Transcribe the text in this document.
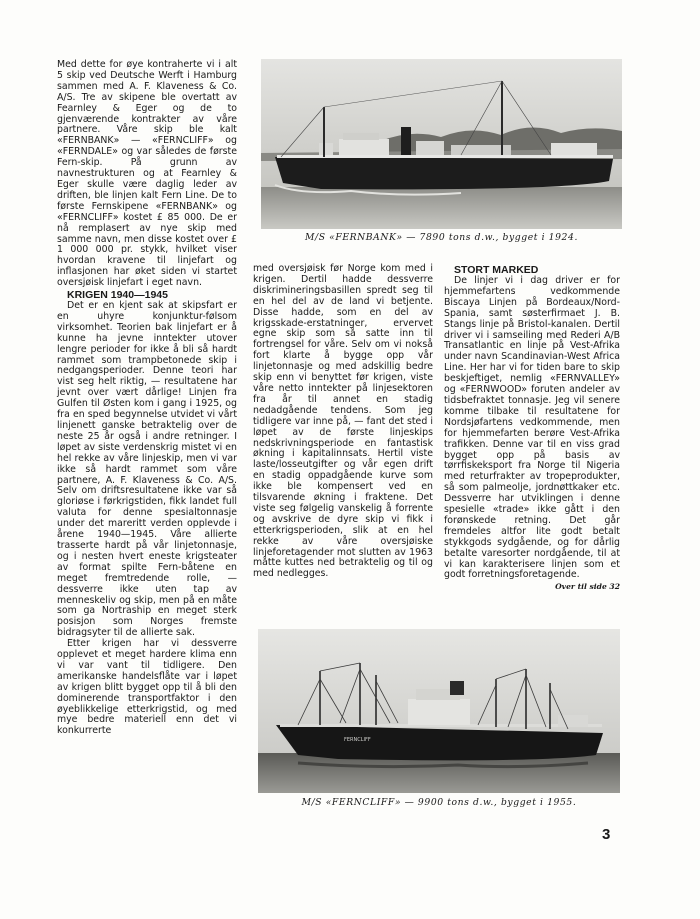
Med dette for øye kontraherte vi i alt 5 skip ved Deutsche Werft i Hamburg sammen med A. F. Klaveness & Co. A/S. Tre av skipene ble overtatt av Fearnley & Eger og de to gjenværende kontrakter av våre partnere. Våre skip ble kalt «FERNBANK» — «FERNCLIFF» og «FERNDALE» og var således de første Fern-skip. På grunn av navnestrukturen og at Fearnley & Eger skulle være daglig leder av driften, ble linjen kalt Fern Line. De to første Fernskipene «FERNBANK» og «FERNCLIFF» kostet £ 85 000. De er nå remplasert av nye skip med samme navn, men disse kostet over £ 1 000 000 pr. stykk, hvilket viser hvordan kravene til linjefart og inflasjonen har øket siden vi startet oversjøisk linjefart i eget navn.

KRIGEN 1940—1945

Det er en kjent sak at skipsfart er en uhyre konjunktur-følsom virksomhet. Teorien bak linjefart er å kunne ha jevne inntekter utover lengre perioder for ikke å bli så hardt rammet som trampbetonede skip i nedgangsperioder. Denne teori har vist seg helt riktig, — resultatene har jevnt over vært dårlige! Linjen fra Gulfen til Østen kom i gang i 1925, og fra en sped begynnelse utvidet vi vårt linjenett ganske betraktelig over de neste 25 år også i andre retninger. I løpet av siste verdenskrig mistet vi en hel rekke av våre linjeskip, men vi var ikke så hardt rammet som våre partnere, A. F. Klaveness & Co. A/S. Selv om driftsresultatene ikke var så gloriøse i førkrigstiden, fikk landet full valuta for denne spesialtonnasje under det mareritt verden opplevde i årene 1940—1945. Våre allierte trasserte hardt på vår linjetonnasje, og i nesten hvert eneste krigsteater av format spilte Fern-båtene en meget fremtredende rolle, — dessverre ikke uten tap av menneskeliv og skip, men på en måte som ga Nortraship en meget sterk posisjon som Norges fremste bidragsyter til de allierte sak.

Etter krigen har vi dessverre opplevet et meget hardere klima enn vi var vant til tidligere. Den amerikanske handelsflåte var i løpet av krigen blitt bygget opp til å bli den dominerende transportfaktor i den øyeblikkelige etterkrigstid, og med mye bedre materiell enn det vi konkurrerte

M/S «FERNBANK» — 7890 tons d.w., bygget i 1924.

med oversjøisk før Norge kom med i krigen. Dertil hadde dessverre diskrimineringsbasillen spredt seg til en hel del av de land vi betjente. Disse hadde, som en del av krigsskade-erstatninger, ervervet egne skip som så satte inn til fortrengsel for våre. Selv om vi nokså fort klarte å bygge opp vår linjetonnasje og med adskillig bedre skip enn vi benyttet før krigen, viste våre netto inntekter på linjesektoren fra år til annet en stadig nedadgående tendens. Som jeg tidligere var inne på, — fant det sted i løpet av de første linjeskips nedskrivningsperiode en fantastisk økning i kapitalinnsats. Hertil viste laste/losseutgifter og vår egen drift en stadig oppadgående kurve som ikke ble kompensert ved en tilsvarende økning i fraktene. Det viste seg følgelig vanskelig å forrente og avskrive de dyre skip vi fikk i etterkrigsperioden, slik at en hel rekke av våre oversjøiske linjeforetagender mot slutten av 1963 måtte kuttes ned betraktelig og til og med nedlegges.

STORT MARKED

De linjer vi i dag driver er for hjemmefartens vedkommende Biscaya Linjen på Bordeaux/Nord-Spania, samt søsterfirmaet J. B. Stangs linje på Bristol-kanalen. Dertil driver vi i samseiling med Rederi A/B Transatlantic en linje på Vest-Afrika under navn Scandinavian-West Africa Line. Her har vi for tiden bare to skip beskjeftiget, nemlig «FERNVALLEY» og «FERNWOOD» foruten andeler av tidsbefraktet tonnasje. Jeg vil senere komme tilbake til resultatene for Nordsjøfartens vedkommende, men for hjemmefarten berøre Vest-Afrika trafikken. Denne var til en viss grad bygget opp på basis av tørrfiskeksport fra Norge til Nigeria med returfrakter av tropeprodukter, så som palmeolje, jordnøttkaker etc. Dessverre har utviklingen i denne spesielle «trade» ikke gått i den forønskede retning. Det går fremdeles altfor lite godt betalt stykkgods sydgående, og for dårlig betalte varesorter nordgående, til at vi kan karakterisere linjen som et godt forretningsforetagende.

Over til side 32
FERNCLIFF
M/S «FERNCLIFF» — 9900 tons d.w., bygget i 1955.
3
